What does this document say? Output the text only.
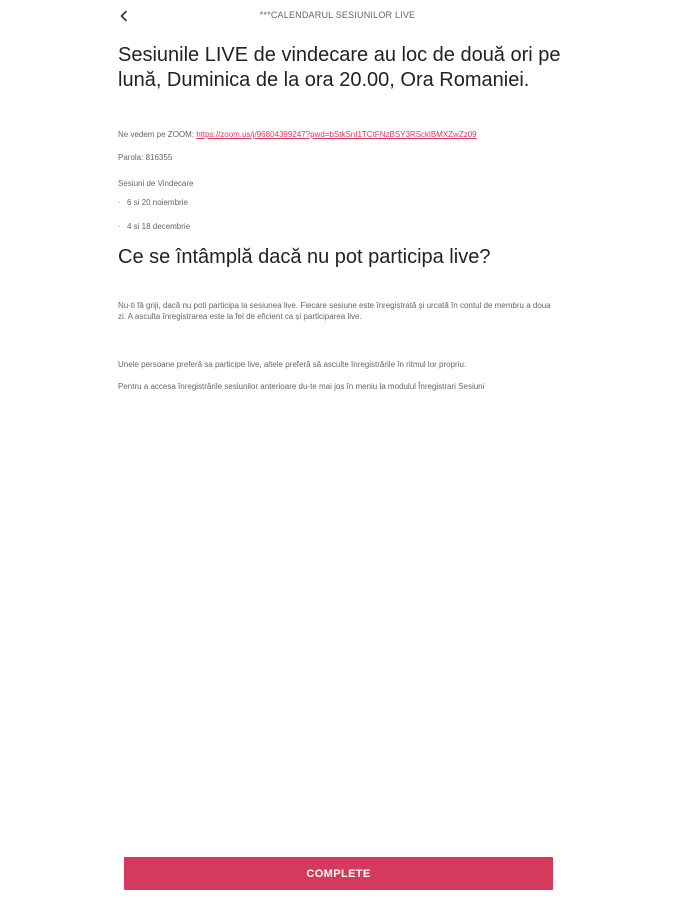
***CALENDARUL SESIUNILOR LIVE
Sesiunile LIVE de vindecare au loc de două ori pe lună, Duminica de la ora 20.00, Ora Romaniei.

Ne vedem pe ZOOM: https://zoom.us/j/96804399247?pwd=bStkSnI1TCtFNzBSY3RScklBMXZwZz09

Parola: 816355

Sesiuni de Vindecare

· 6 si 20 noiembrie
· 4 si 18 decembrie
Ce se întâmplă dacă nu pot participa live?

Nu-ti fă griji, dacă nu poti participa la sesiunea live. Fiecare sesiune este înregistrată și urcată în contul de membru a doua zi. A asculta înregistrarea este la fel de eficient ca și participarea live.

Unele persoane preferă sa participe live, altele preferă să asculte înregistrările în ritmul lor propriu.

Pentru a accesa înregistrările sesiunilor anterioare du-te mai jos în meniu la modulul Înregistrari Sesiuni

COMPLETE
